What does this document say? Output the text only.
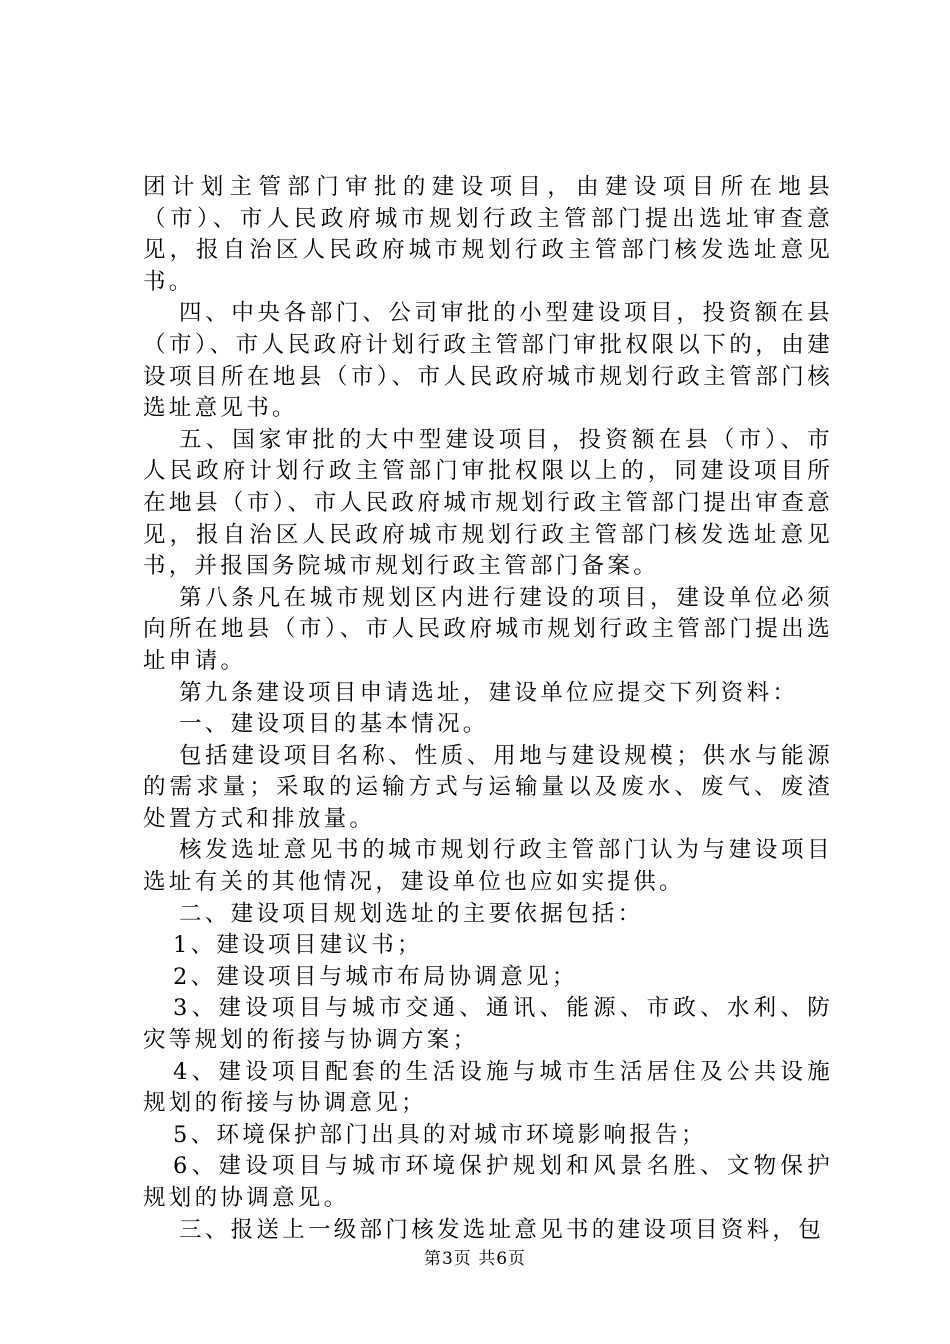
团计划主管部门审批的建设项目，由建设项目所在地县（市）、市人民政府城市规划行政主管部门提出选址审查意见，报自治区人民政府城市规划行政主管部门核发选址意见书。

四、中央各部门、公司审批的小型建设项目，投资额在县（市）、市人民政府计划行政主管部门审批权限以下的，由建设项目所在地县（市）、市人民政府城市规划行政主管部门核选址意见书。

五、国家审批的大中型建设项目，投资额在县（市）、市人民政府计划行政主管部门审批权限以上的，同建设项目所在地县（市）、市人民政府城市规划行政主管部门提出审查意见，报自治区人民政府城市规划行政主管部门核发选址意见书，并报国务院城市规划行政主管部门备案。

第八条凡在城市规划区内进行建设的项目，建设单位必须向所在地县（市）、市人民政府城市规划行政主管部门提出选址申请。

第九条建设项目申请选址，建设单位应提交下列资料：

一、建设项目的基本情况。

包括建设项目名称、性质、用地与建设规模；供水与能源的需求量；采取的运输方式与运输量以及废水、废气、废渣处置方式和排放量。

核发选址意见书的城市规划行政主管部门认为与建设项目选址有关的其他情况，建设单位也应如实提供。

二、建设项目规划选址的主要依据包括：

1、建设项目建议书；

2、建设项目与城市布局协调意见；

3、建设项目与城市交通、通讯、能源、市政、水利、防灾等规划的衔接与协调方案；

4、建设项目配套的生活设施与城市生活居住及公共设施规划的衔接与协调意见；

5、环境保护部门出具的对城市环境影响报告；

6、建设项目与城市环境保护规划和风景名胜、文物保护规划的协调意见。

三、报送上一级部门核发选址意见书的建设项目资料，包

第3页 共6页
